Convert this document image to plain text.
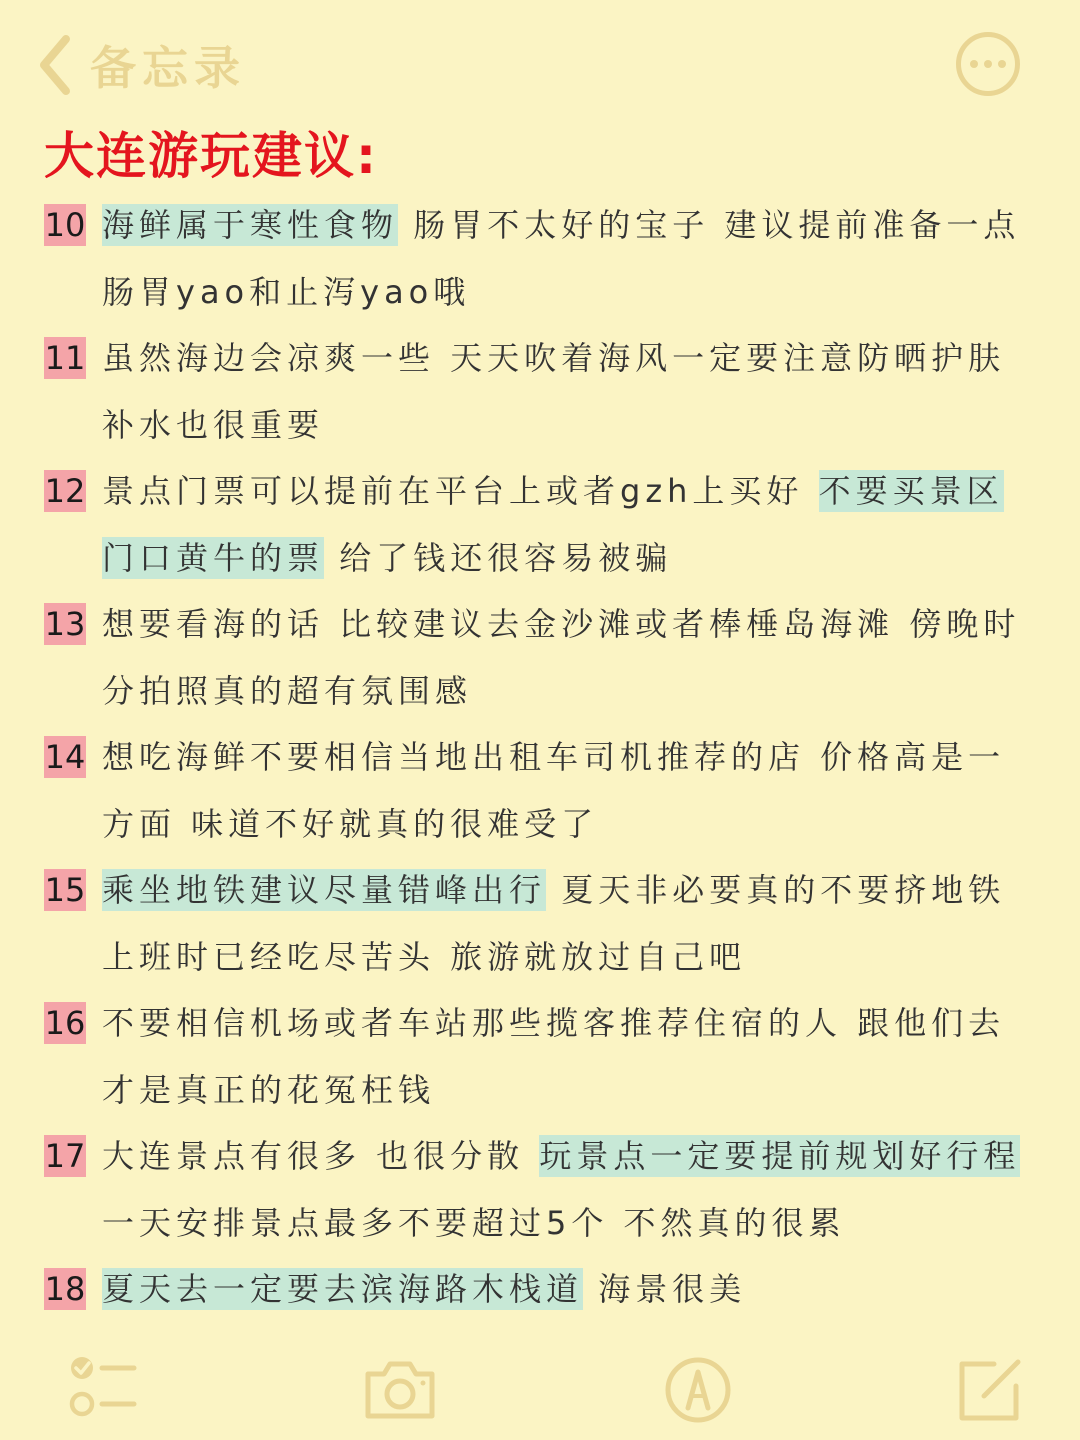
备忘录
大连游玩建议:
10 海鲜属于寒性食物 肠胃不太好的宝子 建议提前准备一点
肠胃yao和止泻yao哦
11 虽然海边会凉爽一些 天天吹着海风一定要注意防晒护肤
补水也很重要
12 景点门票可以提前在平台上或者gzh上买好 不要买景区
门口黄牛的票 给了钱还很容易被骗
13 想要看海的话 比较建议去金沙滩或者棒棰岛海滩 傍晚时
分拍照真的超有氛围感
14 想吃海鲜不要相信当地出租车司机推荐的店 价格高是一
方面 味道不好就真的很难受了
15 乘坐地铁建议尽量错峰出行 夏天非必要真的不要挤地铁
上班时已经吃尽苦头 旅游就放过自己吧
16 不要相信机场或者车站那些揽客推荐住宿的人 跟他们去
才是真正的花冤枉钱
17 大连景点有很多 也很分散 玩景点一定要提前规划好行程
一天安排景点最多不要超过5个 不然真的很累
18 夏天去一定要去滨海路木栈道 海景很美
